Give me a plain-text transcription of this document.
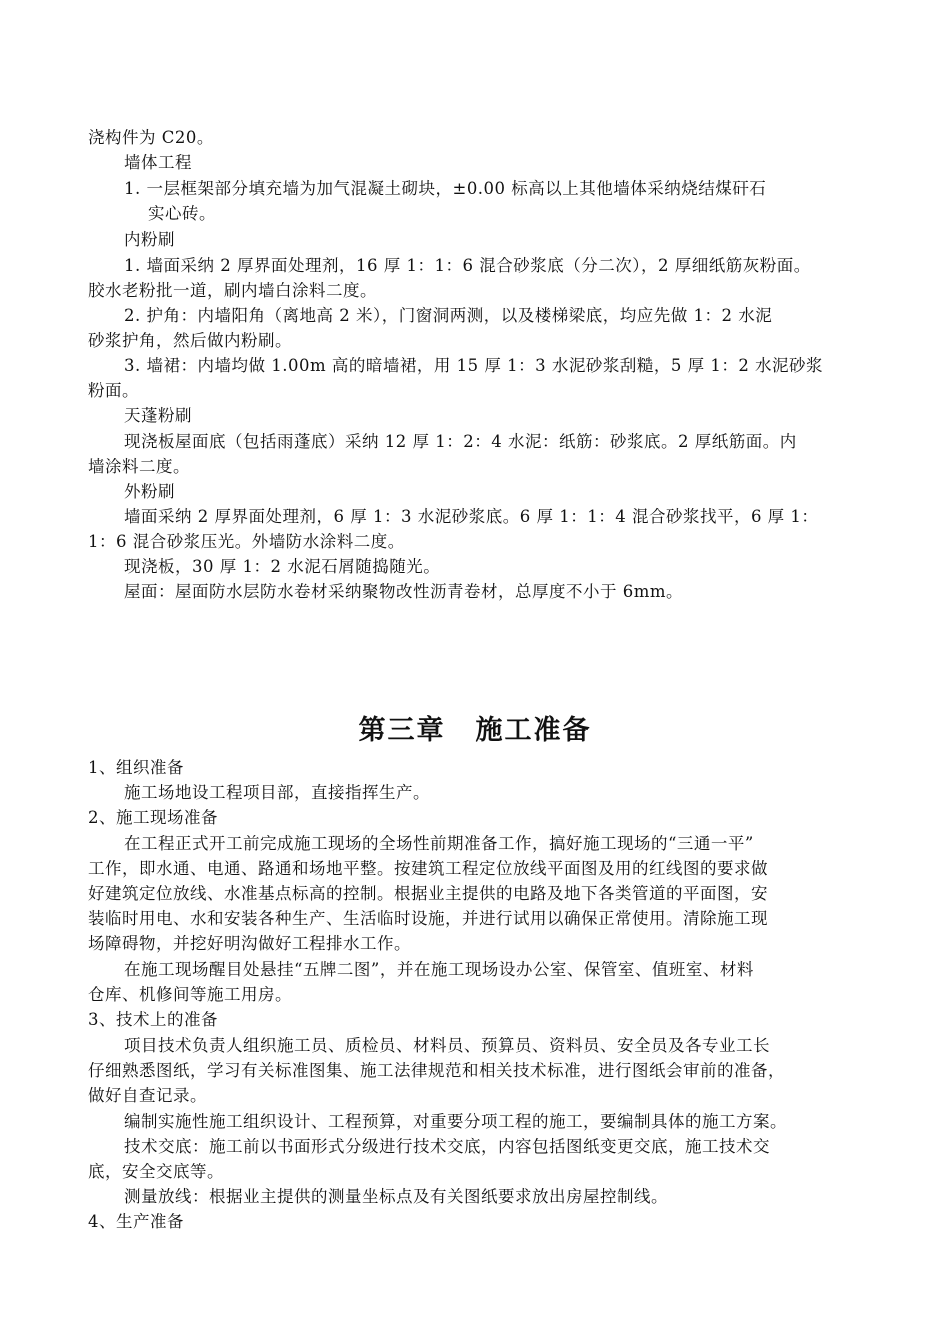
浇构件为 C20。
墙体工程
1. 一层框架部分填充墙为加气混凝土砌块，±0.00 标高以上其他墙体采纳烧结煤矸石
实心砖。
内粉刷
1. 墙面采纳 2 厚界面处理剂，16 厚 1：1：6 混合砂浆底（分二次），2 厚细纸筋灰粉面。
胶水老粉批一道，刷内墙白涂料二度。
2. 护角：内墙阳角（离地高 2 米），门窗洞两测，以及楼梯梁底，均应先做 1：2 水泥
砂浆护角，然后做内粉刷。
3. 墙裙：内墙均做 1.00m 高的暗墙裙，用 15 厚 1：3 水泥砂浆刮糙，5 厚 1：2 水泥砂浆
粉面。
天蓬粉刷
现浇板屋面底（包括雨蓬底）采纳 12 厚 1：2：4 水泥：纸筋：砂浆底。2 厚纸筋面。内
墙涂料二度。
外粉刷
墙面采纳 2 厚界面处理剂，6 厚 1：3 水泥砂浆底。6 厚 1：1：4 混合砂浆找平，6 厚 1：
1：6 混合砂浆压光。外墙防水涂料二度。
现浇板，30 厚 1：2 水泥石屑随捣随光。
屋面：屋面防水层防水卷材采纳聚物改性沥青卷材，总厚度不小于 6mm。
第三章 施工准备
1、组织准备
施工场地设工程项目部，直接指挥生产。
2、施工现场准备
在工程正式开工前完成施工现场的全场性前期准备工作，搞好施工现场的“三通一平”
工作，即水通、电通、路通和场地平整。按建筑工程定位放线平面图及用的红线图的要求做
好建筑定位放线、水准基点标高的控制。根据业主提供的电路及地下各类管道的平面图，安
装临时用电、水和安装各种生产、生活临时设施，并进行试用以确保正常使用。清除施工现
场障碍物，并挖好明沟做好工程排水工作。
在施工现场醒目处悬挂“五牌二图”，并在施工现场设办公室、保管室、值班室、材料
仓库、机修间等施工用房。
3、技术上的准备
项目技术负责人组织施工员、质检员、材料员、预算员、资料员、安全员及各专业工长
仔细熟悉图纸，学习有关标准图集、施工法律规范和相关技术标准，进行图纸会审前的准备，
做好自查记录。
编制实施性施工组织设计、工程预算，对重要分项工程的施工，要编制具体的施工方案。
技术交底：施工前以书面形式分级进行技术交底，内容包括图纸变更交底，施工技术交
底，安全交底等。
测量放线：根据业主提供的测量坐标点及有关图纸要求放出房屋控制线。
4、生产准备
